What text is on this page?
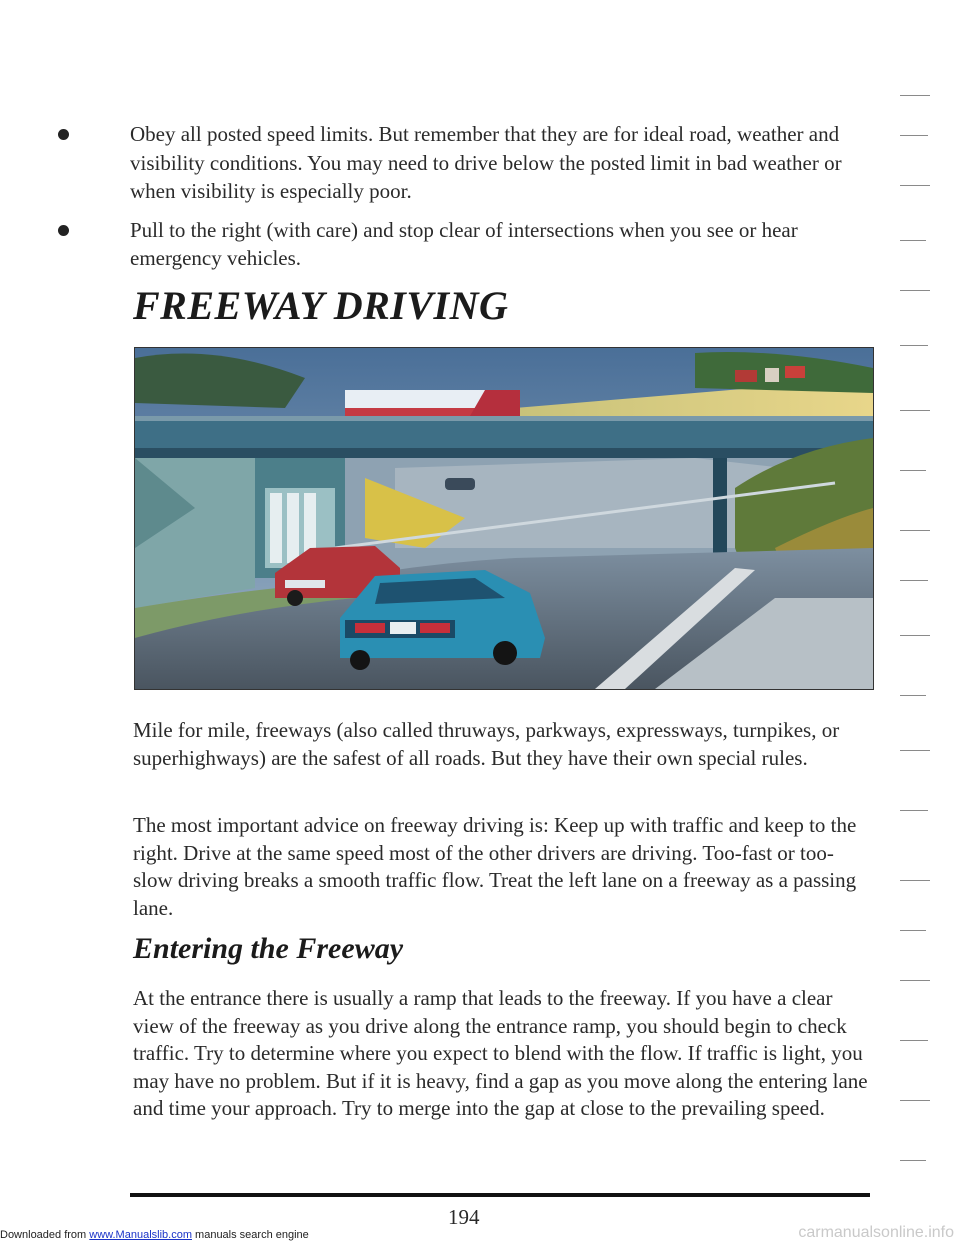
Obey all posted speed limits. But remember that they are for ideal road, weather and visibility conditions. You may need to drive below the posted limit in bad weather or when visibility is especially poor.
Pull to the right (with care) and stop clear of intersections when you see or hear emergency vehicles.
FREEWAY DRIVING

Mile for mile, freeways (also called thruways, parkways, expressways, turnpikes, or superhighways) are the safest of all roads. But they have their own special rules.

The most important advice on freeway driving is: Keep up with traffic and keep to the right. Drive at the same speed most of the other drivers are driving. Too-fast or too-slow driving breaks a smooth traffic flow. Treat the left lane on a freeway as a passing lane.

Entering the Freeway

At the entrance there is usually a ramp that leads to the freeway. If you have a clear view of the freeway as you drive along the entrance ramp, you should begin to check traffic. Try to determine where you expect to blend with the flow. If traffic is light, you may have no problem. But if it is heavy, find a gap as you move along the entering lane and time your approach. Try to merge into the gap at close to the prevailing speed.

194
Downloaded from www.Manualslib.com manuals search engine	carmanualsonline.info
